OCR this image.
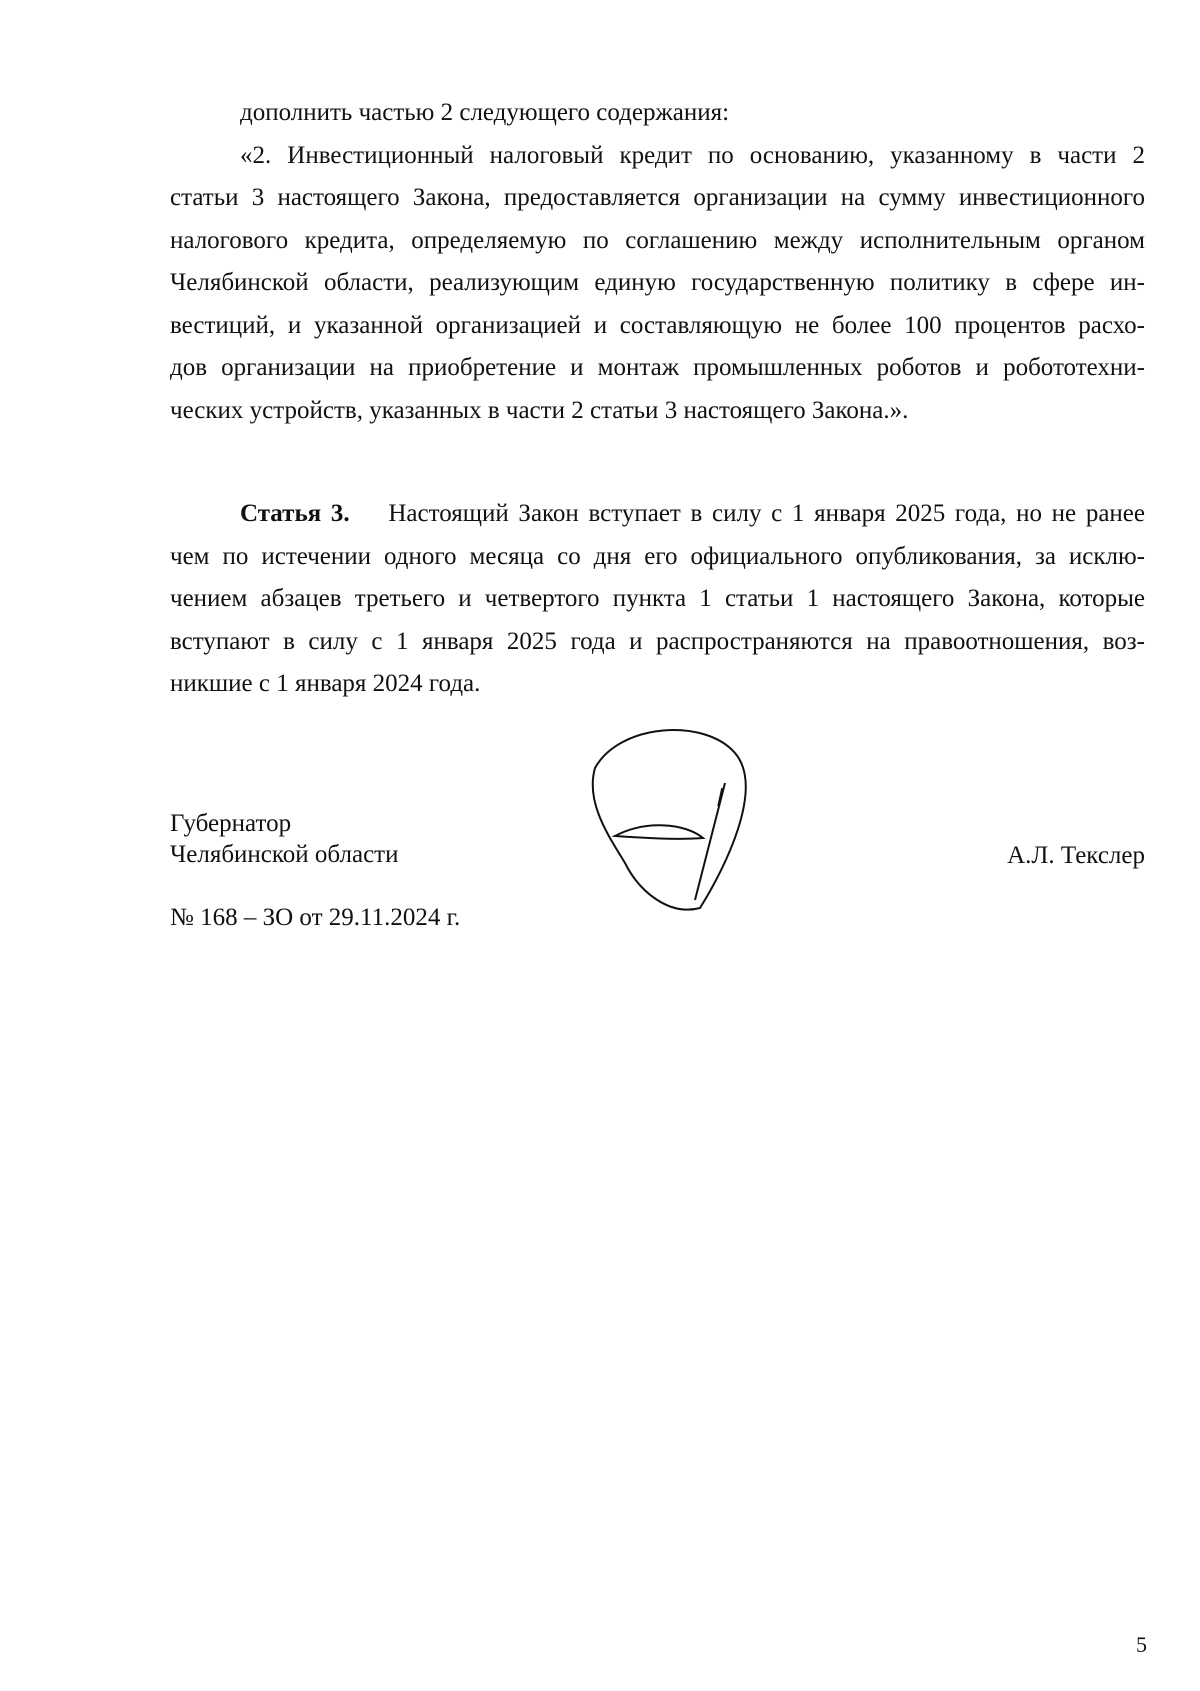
дополнить частью 2 следующего содержания:
«2. Инвестиционный налоговый кредит по основанию, указанному в части 2
статьи 3 настоящего Закона, предоставляется организации на сумму инвестиционного
налогового кредита, определяемую по соглашению между исполнительным органом
Челябинской области, реализующим единую государственную политику в сфере ин-
вестиций, и указанной организацией и составляющую не более 100 процентов расхо-
дов организации на приобретение и монтаж промышленных роботов и робототехни-
ческих устройств, указанных в части 2 статьи 3 настоящего Закона.».
Статья 3. Настоящий Закон вступает в силу с 1 января 2025 года, но не ранее
чем по истечении одного месяца со дня его официального опубликования, за исклю-
чением абзацев третьего и четвертого пункта 1 статьи 1 настоящего Закона, которые
вступают в силу с 1 января 2025 года и распространяются на правоотношения, воз-
никшие с 1 января 2024 года.
Губернатор
Челябинской области	А.Л. Текслер
№ 168 – ЗО от 29.11.2024 г.
5
